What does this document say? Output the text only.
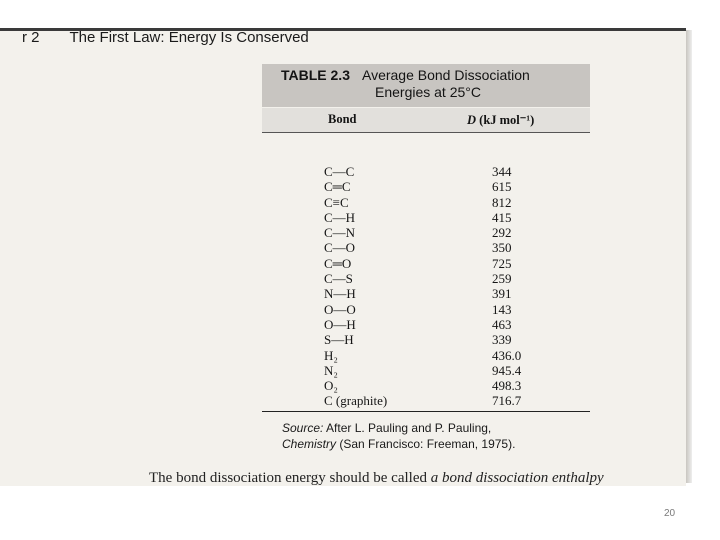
r 2 The First Law: Energy Is Conserved
TABLE 2.3 Average Bond Dissociation
Energies at 25°C
Bond	D (kJ mol⁻¹)
C—C	344
C═C	615
C≡C	812
C—H	415
C—N	292
C—O	350
C═O	725
C—S	259
N—H	391
O—O	143
O—H	463
S—H	339
H₂	436.0
N₂	945.4
O₂	498.3
C (graphite)	716.7
Source: After L. Pauling and P. Pauling,
Chemistry (San Francisco: Freeman, 1975).
The bond dissociation energy should be called a bond dissociation enthalpy
20
